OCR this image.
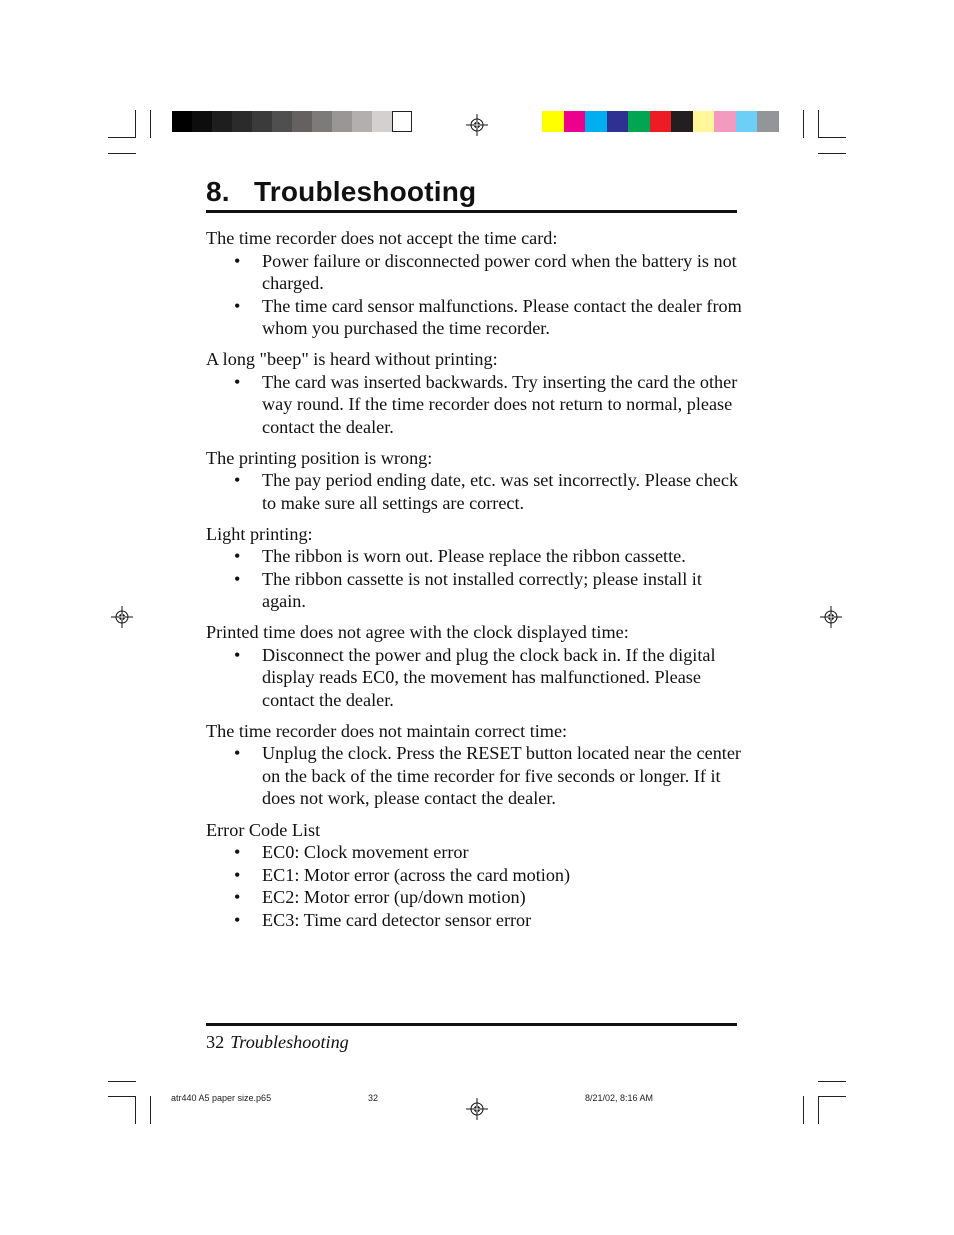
8. Troubleshooting

The time recorder does not accept the time card:

• Power failure or disconnected power cord when the battery is not charged.
• The time card sensor malfunctions. Please contact the dealer from whom you purchased the time recorder.

A long "beep" is heard without printing:

• The card was inserted backwards. Try inserting the card the other way round. If the time recorder does not return to normal, please contact the dealer.

The printing position is wrong:

• The pay period ending date, etc. was set incorrectly. Please check to make sure all settings are correct.

Light printing:

• The ribbon is worn out. Please replace the ribbon cassette.
• The ribbon cassette is not installed correctly; please install it again.

Printed time does not agree with the clock displayed time:

• Disconnect the power and plug the clock back in. If the digital display reads EC0, the movement has malfunctioned. Please contact the dealer.

The time recorder does not maintain correct time:

• Unplug the clock. Press the RESET button located near the center on the back of the time recorder for five seconds or longer. If it does not work, please contact the dealer.

Error Code List

• EC0: Clock movement error
• EC1: Motor error (across the card motion)
• EC2: Motor error (up/down motion)
• EC3: Time card detector sensor error
32 Troubleshooting
atr440 A5 paper size.p65	32	8/21/02, 8:16 AM
